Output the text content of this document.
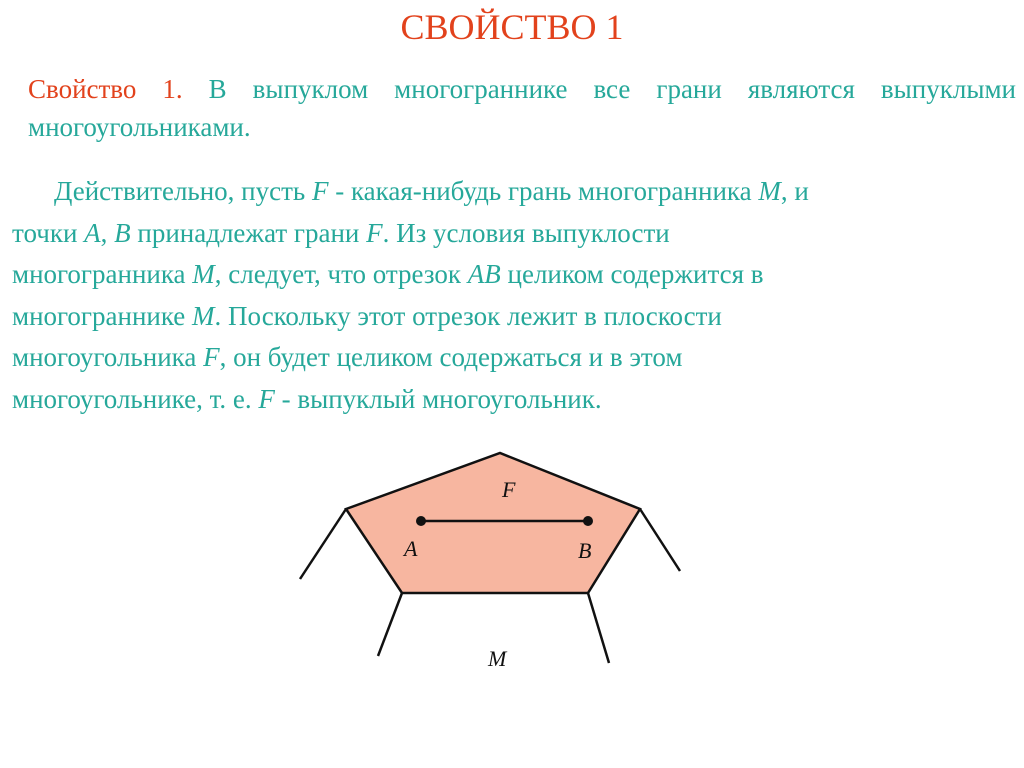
СВОЙСТВО 1
Свойство 1. В выпуклом многограннике все грани являются выпуклыми многоугольниками.
Действительно, пусть F - какая-нибудь грань многогранника M, и
точки A, B принадлежат грани F. Из условия выпуклости
многогранника M, следует, что отрезок AB целиком содержится в
многограннике M. Поскольку этот отрезок лежит в плоскости
многоугольника F, он будет целиком содержаться и в этом
многоугольнике, т. е. F - выпуклый многоугольник.
F
A	B
M
